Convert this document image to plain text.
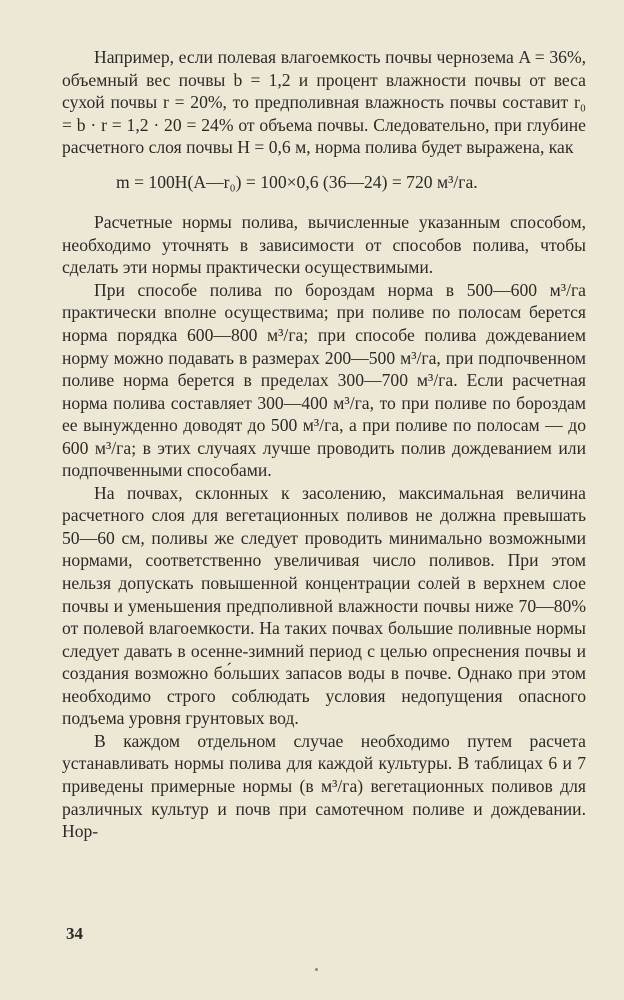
Например, если полевая влагоемкость почвы чернозема A = 36%, объемный вес почвы b = 1,2 и процент влажности почвы от веса сухой почвы r = 20%, то предполивная влажность почвы составит r₀ = b · r = 1,2 · 20 = 24% от объема почвы. Следовательно, при глубине расчетного слоя почвы H = 0,6 м, норма полива будет выражена, как

m = 100H(A—r₀) = 100×0,6 (36—24) = 720 м³/га.

Расчетные нормы полива, вычисленные указанным способом, необходимо уточнять в зависимости от способов полива, чтобы сделать эти нормы практически осуществимыми.

При способе полива по бороздам норма в 500—600 м³/га практически вполне осуществима; при поливе по полосам берется норма порядка 600—800 м³/га; при способе полива дождеванием норму можно подавать в размерах 200—500 м³/га, при подпочвенном поливе норма берется в пределах 300—700 м³/га. Если расчетная норма полива составляет 300—400 м³/га, то при поливе по бороздам ее вынужденно доводят до 500 м³/га, а при поливе по полосам — до 600 м³/га; в этих случаях лучше проводить полив дождеванием или подпочвенными способами.

На почвах, склонных к засолению, максимальная величина расчетного слоя для вегетационных поливов не должна превышать 50—60 см, поливы же следует проводить минимально возможными нормами, соответственно увеличивая число поливов. При этом нельзя допускать повышенной концентрации солей в верхнем слое почвы и уменьшения предполивной влажности почвы ниже 70—80% от полевой влагоемкости. На таких почвах большие поливные нормы следует давать в осенне-зимний период с целью опреснения почвы и создания возможно бо́льших запасов воды в почве. Однако при этом необходимо строго соблюдать условия недопущения опасного подъема уровня грунтовых вод.

В каждом отдельном случае необходимо путем расчета устанавливать нормы полива для каждой культуры. В таблицах 6 и 7 приведены примерные нормы (в м³/га) вегетационных поливов для различных культур и почв при самотечном поливе и дождевании. Нор-

34
